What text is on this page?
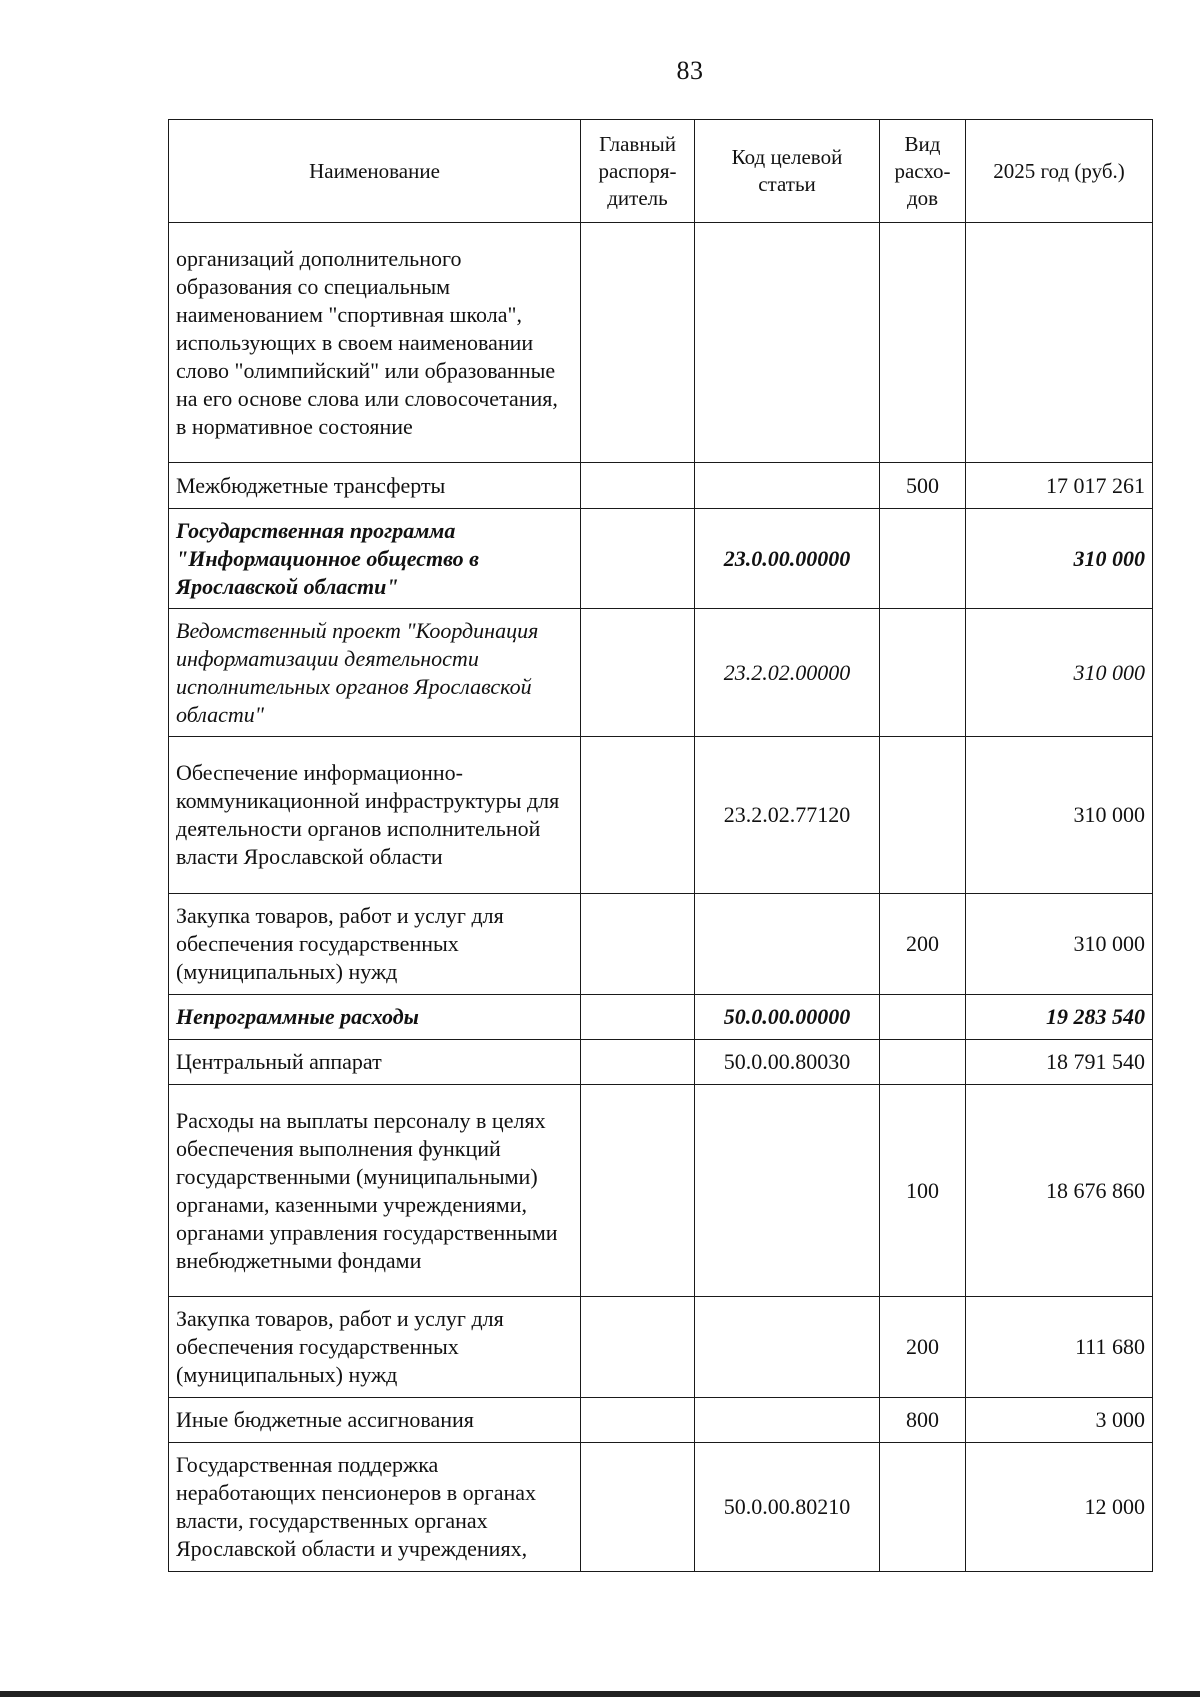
83
Наименование	Главный распоря-дитель	Код целевой статьи	Вид расхо-дов	2025 год (руб.)
организаций дополнительного образования со специальным наименованием "спортивная школа", использующих в своем наименовании слово "олимпийский" или образованные на его основе слова или словосочетания, в нормативное состояние				
Межбюджетные трансферты			500	17 017 261
Государственная программа "Информационное общество в Ярославской области"		23.0.00.00000		310 000
Ведомственный проект "Координация информатизации деятельности исполнительных органов Ярославской области"		23.2.02.00000		310 000
Обеспечение информационно-коммуникационной инфраструктуры для деятельности органов исполнительной власти Ярославской области		23.2.02.77120		310 000
Закупка товаров, работ и услуг для обеспечения государственных (муниципальных) нужд			200	310 000
Непрограммные расходы		50.0.00.00000		19 283 540
Центральный аппарат		50.0.00.80030		18 791 540
Расходы на выплаты персоналу в целях обеспечения выполнения функций государственными (муниципальными) органами, казенными учреждениями, органами управления государственными внебюджетными фондами			100	18 676 860
Закупка товаров, работ и услуг для обеспечения государственных (муниципальных) нужд			200	111 680
Иные бюджетные ассигнования			800	3 000
Государственная поддержка неработающих пенсионеров в органах власти, государственных органах Ярославской области и учреждениях,		50.0.00.80210		12 000
